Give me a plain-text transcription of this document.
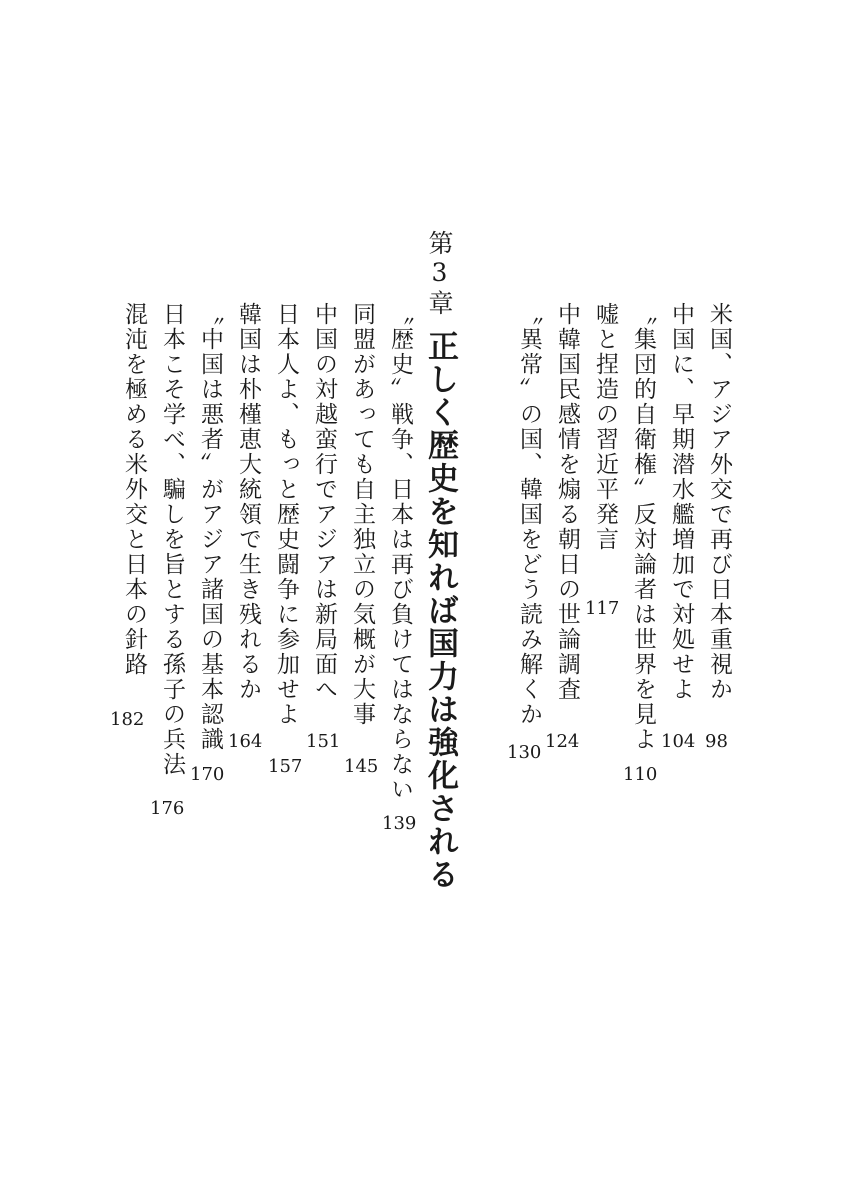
米国、アジア外交で再び日本重視か
98
中国に、早期潜水艦増加で対処せよ
104
〝集団的自衛権〟反対論者は世界を見よ
110
嘘と捏造の習近平発言
117
中韓国民感情を煽る朝日の世論調査
124
〝異常〟の国、韓国をどう読み解くか
130
第3章
正しく歴史を知れば国力は強化される
〝歴史〟戦争、日本は再び負けてはならない
139
同盟があっても自主独立の気概が大事
145
中国の対越蛮行でアジアは新局面へ
151
日本人よ、もっと歴史闘争に参加せよ
157
韓国は朴槿恵大統領で生き残れるか
164
〝中国は悪者〟がアジア諸国の基本認識
170
日本こそ学べ、騙しを旨とする孫子の兵法
176
混沌を極める米外交と日本の針路
182
